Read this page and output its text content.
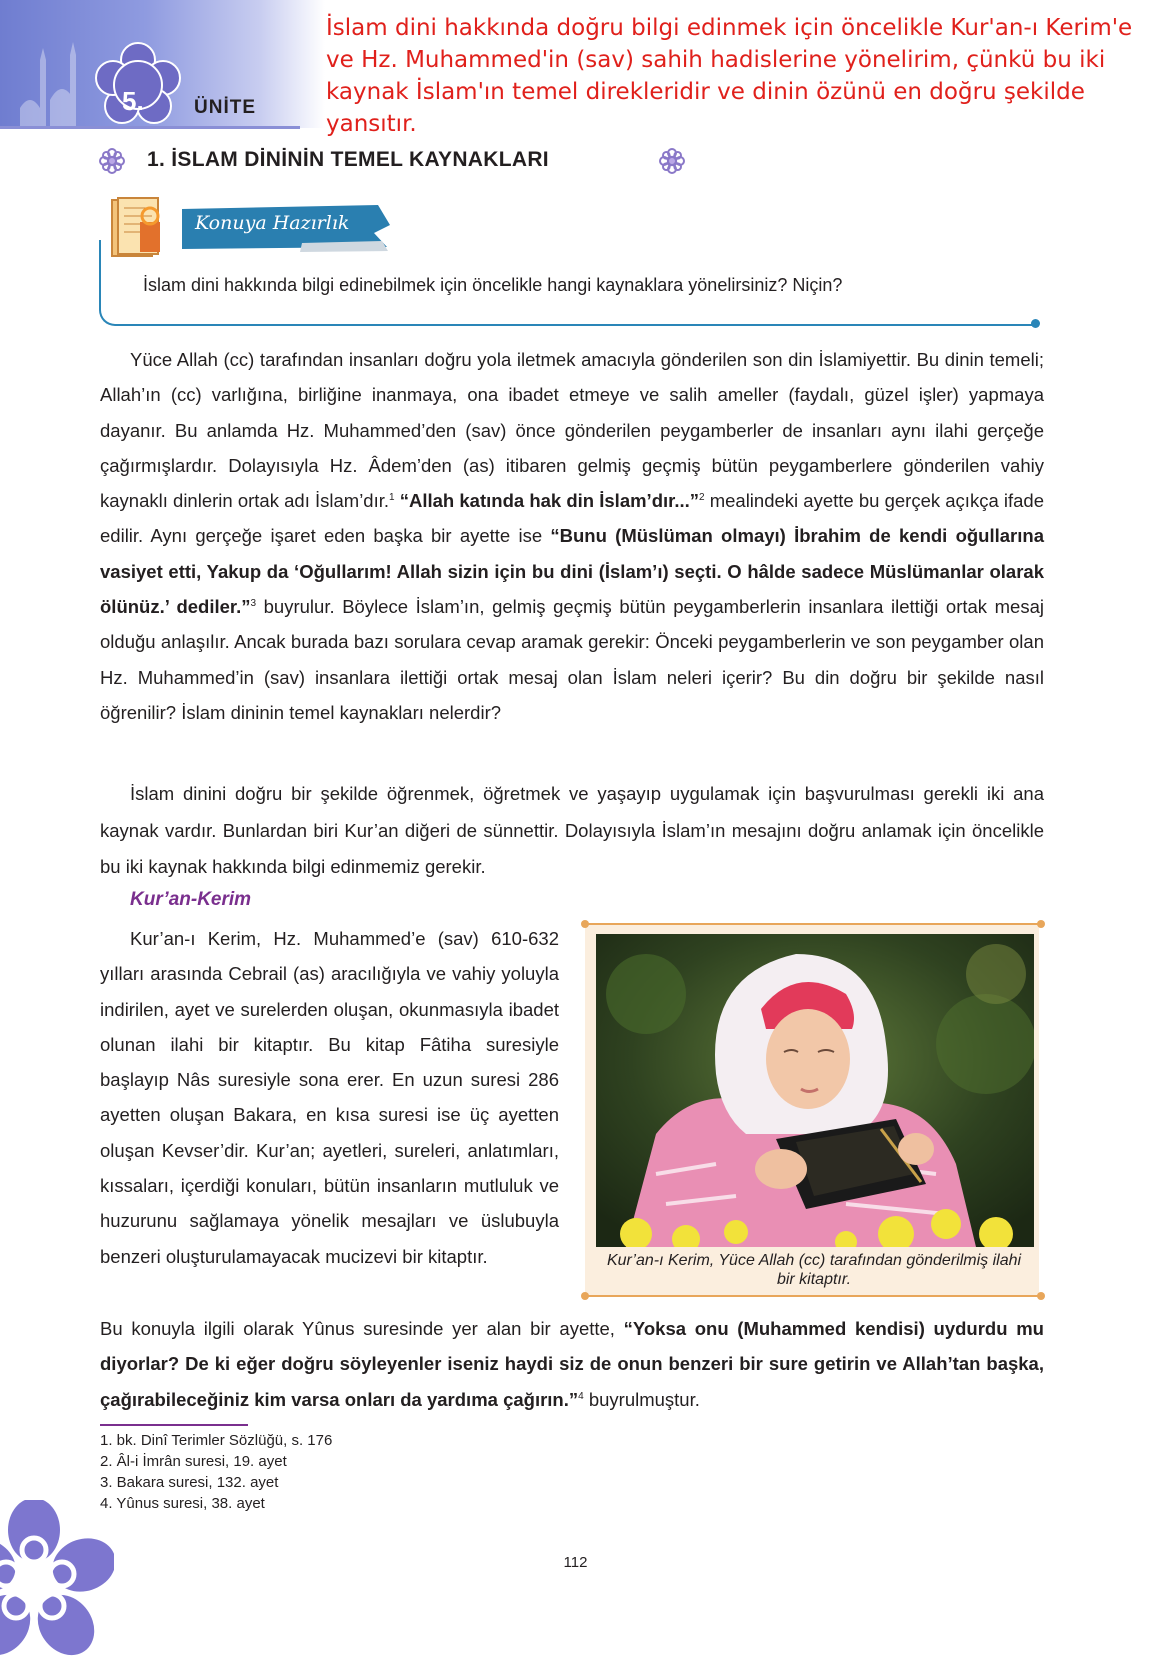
5.	ÜNİTE
İslam dini hakkında doğru bilgi edinmek için öncelikle Kur'an-ı Kerim'e ve Hz. Muhammed'in (sav) sahih hadislerine yönelirim, çünkü bu iki kaynak İslam'ın temel direkleridir ve dinin özünü en doğru şekilde yansıtır.
1. İSLAM DİNİNİN TEMEL KAYNAKLARI
Konuya Hazırlık
İslam dini hakkında bilgi edinebilmek için öncelikle hangi kaynaklara yönelirsiniz? Niçin?

Yüce Allah (cc) tarafından insanları doğru yola iletmek amacıyla gönderilen son din İslamiyettir. Bu dinin temeli; Allah’ın (cc) varlığına, birliğine inanmaya, ona ibadet etmeye ve salih ameller (faydalı, güzel işler) yapmaya dayanır. Bu anlamda Hz. Muhammed’den (sav) önce gönderilen peygamberler de insanları aynı ilahi gerçeğe çağırmışlardır. Dolayısıyla Hz. Âdem’den (as) itibaren gelmiş geçmiş bütün peygamberlere gönderilen vahiy kaynaklı dinlerin ortak adı İslam’dır.$^1$ “Allah katında hak din İslam’dır...”$^2$ mealindeki ayette bu gerçek açıkça ifade edilir. Aynı gerçeğe işaret eden başka bir ayette ise “Bunu (Müslüman olmayı) İbrahim de kendi oğullarına vasiyet etti, Yakup da ‘Oğullarım! Allah sizin için bu dini (İslam’ı) seçti. O hâlde sadece Müslümanlar olarak ölünüz.’ dediler.”$^3$ buyrulur. Böylece İslam’ın, gelmiş geçmiş bütün peygamberlerin insanlara ilettiği ortak mesaj olduğu anlaşılır. Ancak burada bazı sorulara cevap aramak gerekir: Önceki peygamberlerin ve son peygamber olan Hz. Muhammed’in (sav) insanlara ilettiği ortak mesaj olan İslam neleri içerir? Bu din doğru bir şekilde nasıl öğrenilir? İslam dininin temel kaynakları nelerdir?

İslam dinini doğru bir şekilde öğrenmek, öğretmek ve yaşayıp uygulamak için başvurulması gerekli iki ana kaynak vardır. Bunlardan biri Kur’an diğeri de sünnettir. Dolayısıyla İslam’ın mesajını doğru anlamak için öncelikle bu iki kaynak hakkında bilgi edinmemiz gerekir.

Kur’an-Kerim

Kur’an-ı Kerim, Hz. Muhammed’e (sav) 610-632 yılları arasında Cebrail (as) aracılığıyla ve vahiy yoluyla indirilen, ayet ve surelerden oluşan, okunmasıyla ibadet olunan ilahi bir kitaptır. Bu kitap Fâtiha suresiyle başlayıp Nâs suresiyle sona erer. En uzun suresi 286 ayetten oluşan Bakara, en kısa suresi ise üç ayetten oluşan Kevser’dir. Kur’an; ayetleri, sureleri, anlatımları, kıssaları, içerdiği konuları, bütün insanların mutluluk ve huzurunu sağlamaya yönelik mesajları ve üslubuyla benzeri oluşturulamayacak mucizevi bir kitaptır.	Kur’an-ı Kerim, Yüce Allah (cc) tarafından gönderilmiş ilahi bir kitaptır.

Bu konuyla ilgili olarak Yûnus suresinde yer alan bir ayette, “Yoksa onu (Muhammed kendisi) uydurdu mu diyorlar? De ki eğer doğru söyleyenler iseniz haydi siz de onun benzeri bir sure getirin ve Allah’tan başka, çağırabileceğiniz kim varsa onları da yardıma çağırın.”$^4$ buyrulmuştur.

1. bk. Dinî Terimler Sözlüğü, s. 176
2. Âl-i İmrân suresi, 19. ayet
3. Bakara suresi, 132. ayet
4. Yûnus suresi, 38. ayet
112
